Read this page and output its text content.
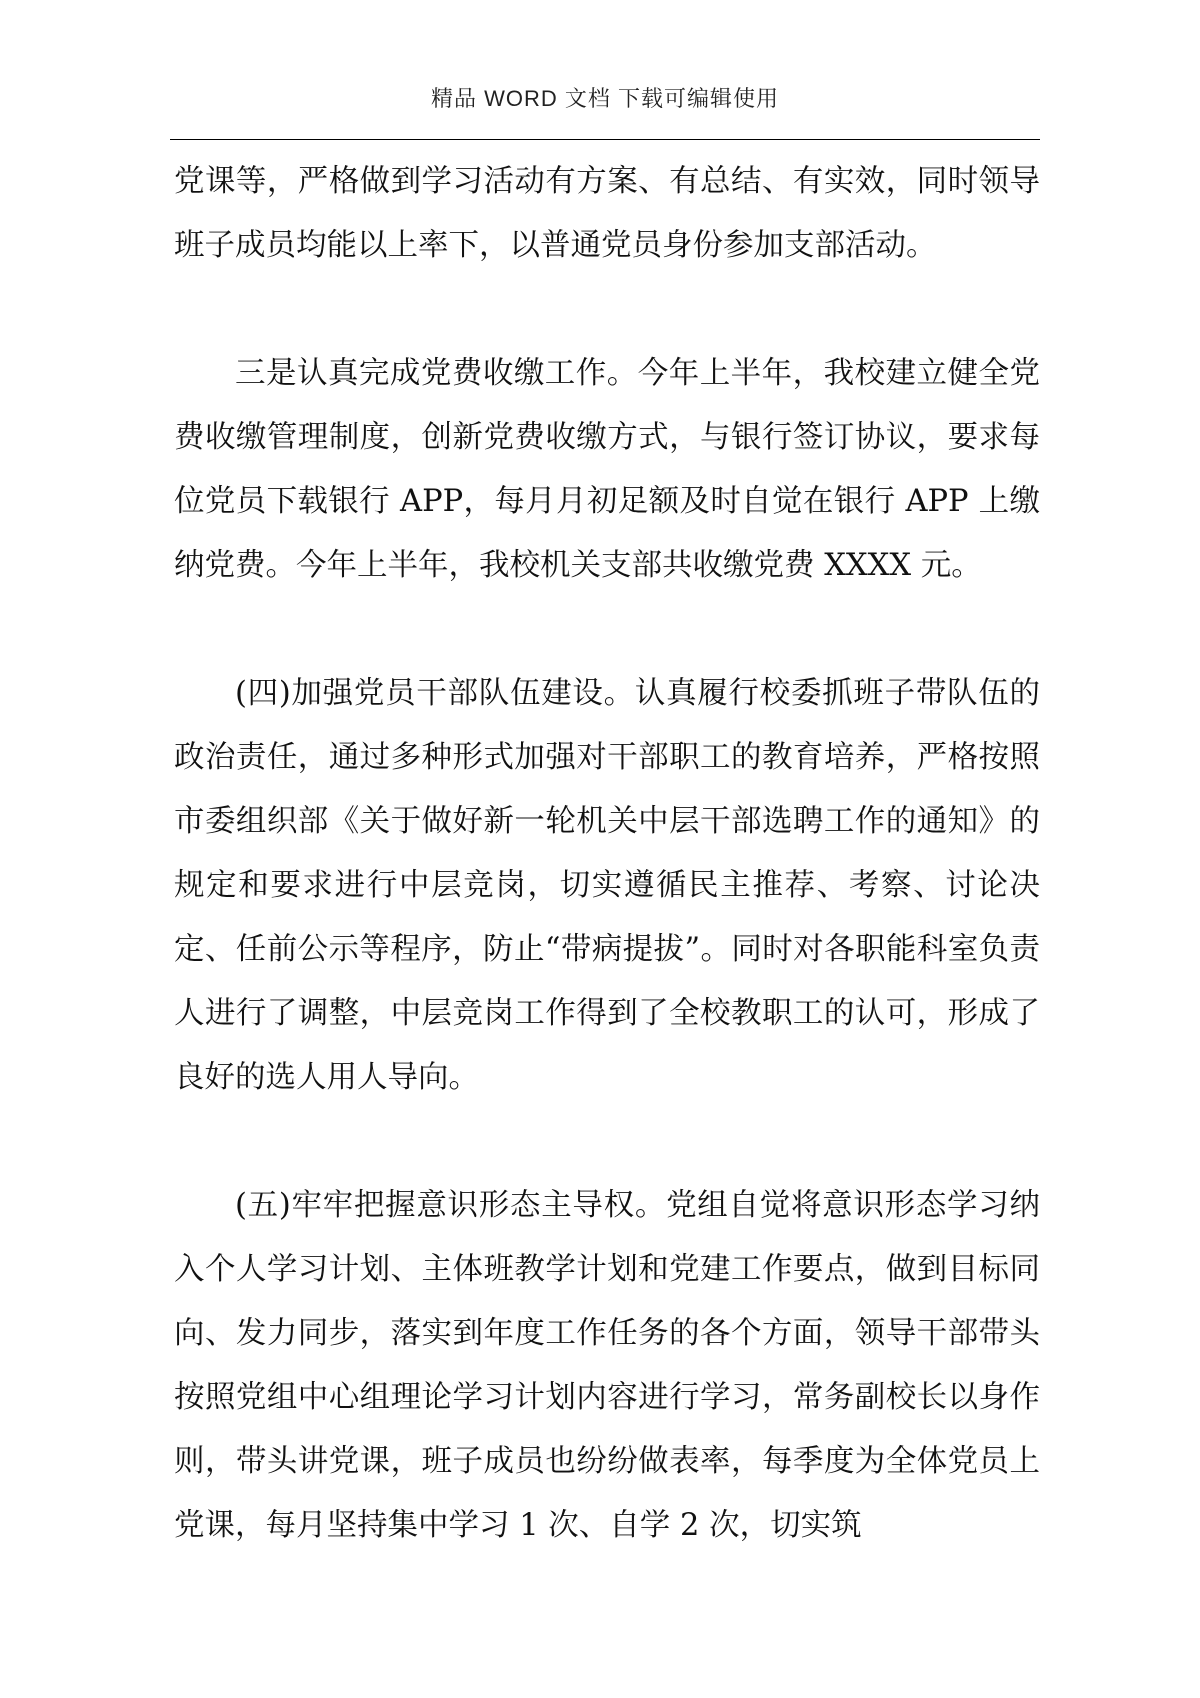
精品 WORD 文档 下载可编辑使用

党课等，严格做到学习活动有方案、有总结、有实效，同时领导班子成员均能以上率下，以普通党员身份参加支部活动。

三是认真完成党费收缴工作。今年上半年，我校建立健全党费收缴管理制度，创新党费收缴方式，与银行签订协议，要求每位党员下载银行 APP，每月月初足额及时自觉在银行 APP 上缴纳党费。今年上半年，我校机关支部共收缴党费 XXXX 元。

(四)加强党员干部队伍建设。认真履行校委抓班子带队伍的政治责任，通过多种形式加强对干部职工的教育培养，严格按照市委组织部《关于做好新一轮机关中层干部选聘工作的通知》的规定和要求进行中层竞岗，切实遵循民主推荐、考察、讨论决定、任前公示等程序，防止“带病提拔”。同时对各职能科室负责人进行了调整，中层竞岗工作得到了全校教职工的认可，形成了良好的选人用人导向。

(五)牢牢把握意识形态主导权。党组自觉将意识形态学习纳入个人学习计划、主体班教学计划和党建工作要点，做到目标同向、发力同步，落实到年度工作任务的各个方面，领导干部带头按照党组中心组理论学习计划内容进行学习，常务副校长以身作则，带头讲党课，班子成员也纷纷做表率，每季度为全体党员上党课，每月坚持集中学习 1 次、自学 2 次，切实筑
